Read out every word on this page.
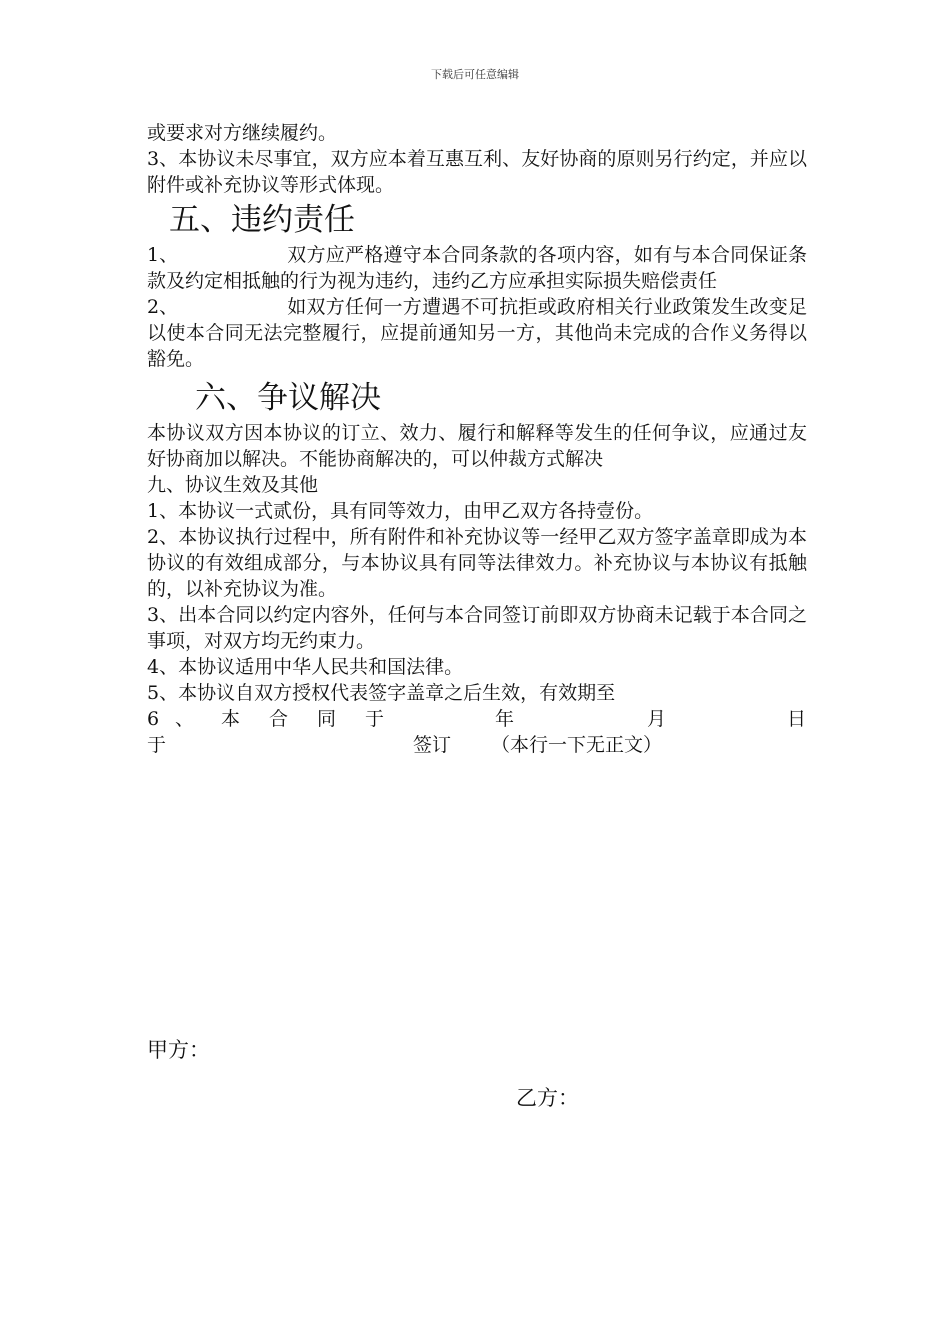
下载后可任意编辑

或要求对方继续履约。

3、本协议未尽事宜，双方应本着互惠互利、友好协商的原则另行约定，并应以附件或补充协议等形式体现。

五、违约责任

1、	双方应严格遵守本合同条款的各项内容，如有与本合同保证条款及约定相抵触的行为视为违约，违约乙方应承担实际损失赔偿责任

2、	如双方任何一方遭遇不可抗拒或政府相关行业政策发生改变足以使本合同无法完整履行，应提前通知另一方，其他尚未完成的合作义务得以豁免。

六、争议解决

本协议双方因本协议的订立、效力、履行和解释等发生的任何争议，应通过友好协商加以解决。不能协商解决的，可以仲裁方式解决

九、协议生效及其他

1、本协议一式贰份，具有同等效力，由甲乙双方各持壹份。

2、本协议执行过程中，所有附件和补充协议等一经甲乙双方签字盖章即成为本协议的有效组成部分，与本协议具有同等法律效力。补充协议与本协议有抵触的，以补充协议为准。

3、出本合同以约定内容外，任何与本合同签订前即双方协商未记载于本合同之事项，对双方均无约束力。

4、本协议适用中华人民共和国法律。

5、本协议自双方授权代表签字盖章之后生效，有效期至

6 、 本 合 同 于	年	月	日
于	签订 （本行一下无正文）
甲方：
乙方：
